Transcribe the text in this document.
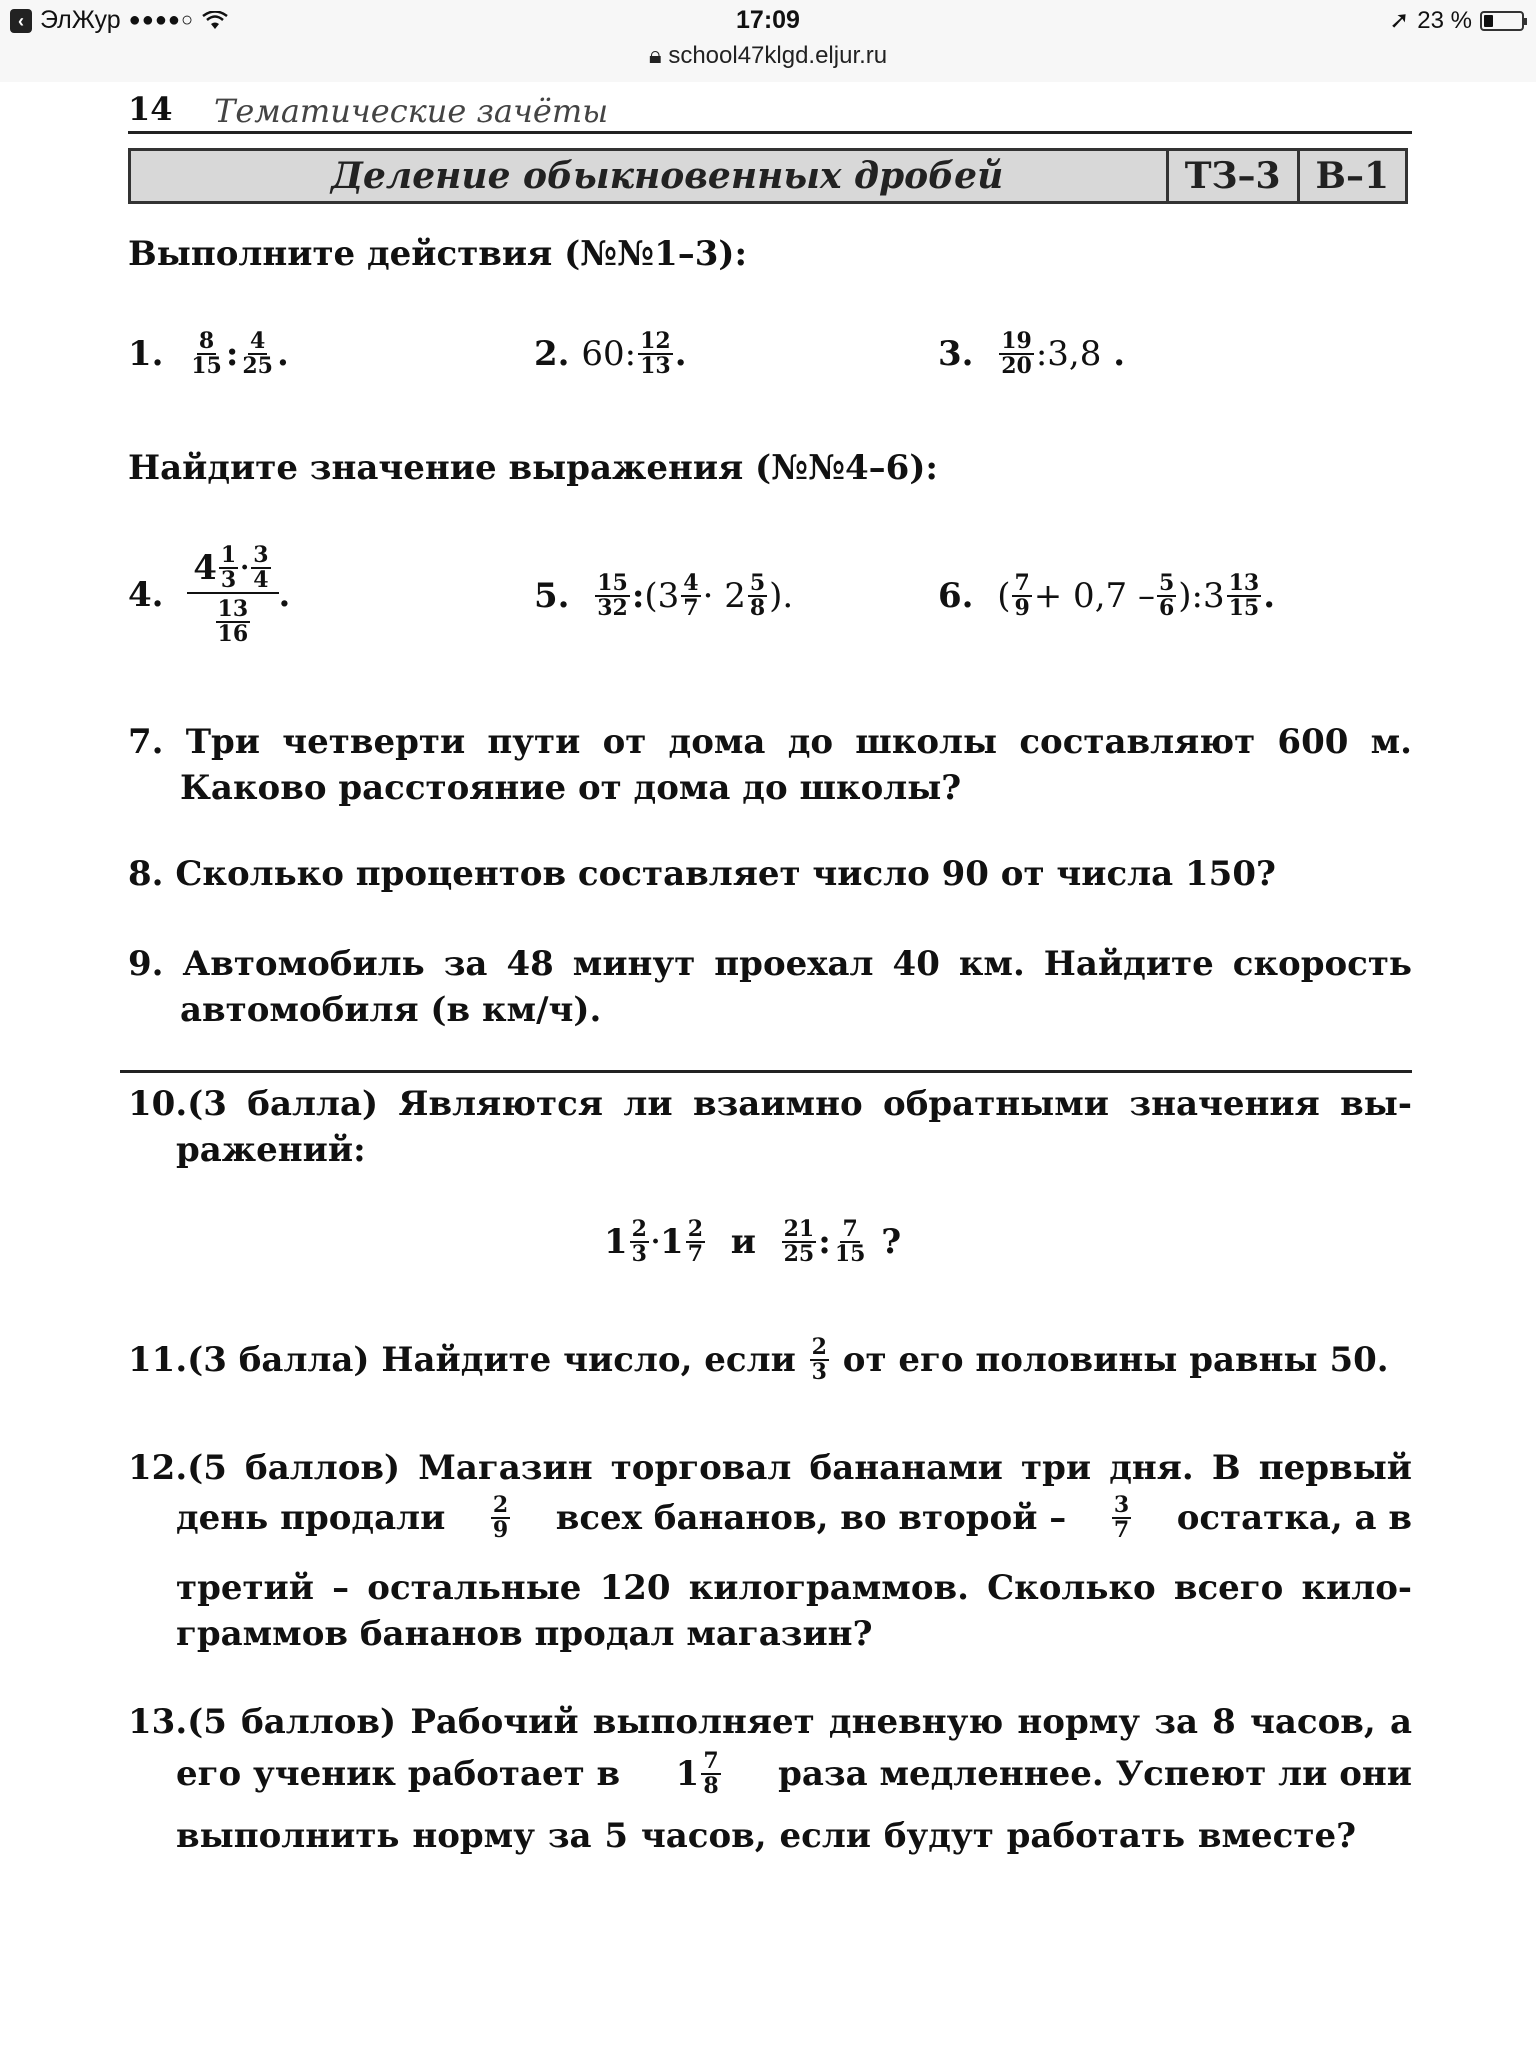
‹ ЭлЖур ●●●●○	17:09
🔒︎ school47klgd.eljur.ru
➚ 23 %
14 Тематические зачёты
Деление обыкновенных дробей	ТЗ–3 В–1
Выполните действия (№№1–3):
1.
8
15 : 4
25 .	2.
60: 12
13 .	3.
19
20 :3,8
.
Найдите значение выражения (№№4–6):
4.

4 1
3 · 3
4
13
16
.	5.
15
32 : (3 4
7 · 2 5
8 ).	6.
( 7
9 + 0,7 – 5
6 ):3 13
15 .
7. Три четверти пути от дома до школы составляют 600 м.
Каково расстояние от дома до школы?
8. Сколько процентов составляет число 90 от числа 150?
9. Автомобиль за 48 минут проехал 40 км. Найдите скорость
автомобиля (в км/ч).
10.(3 балла) Являются ли взаимно обратными значения вы-
ражений:
1 2
3 · 1 2
7
и
21
25 : 7
15
?
11.(3 балла) Найдите число, если
2
3
от его половины равны 50.
12.(5 баллов) Магазин торговал бананами три дня. В первый
день продали 2
9 всех бананов, во второй – 3
7 остатка, а в
третий – остальные 120 килограммов. Сколько всего кило-
граммов бананов продал магазин?
13.(5 баллов) Рабочий выполняет дневную норму за 8 часов, а
его ученик работает в 1 7
8 раза медленнее. Успеют ли они
выполнить норму за 5 часов, если будут работать вместе?
